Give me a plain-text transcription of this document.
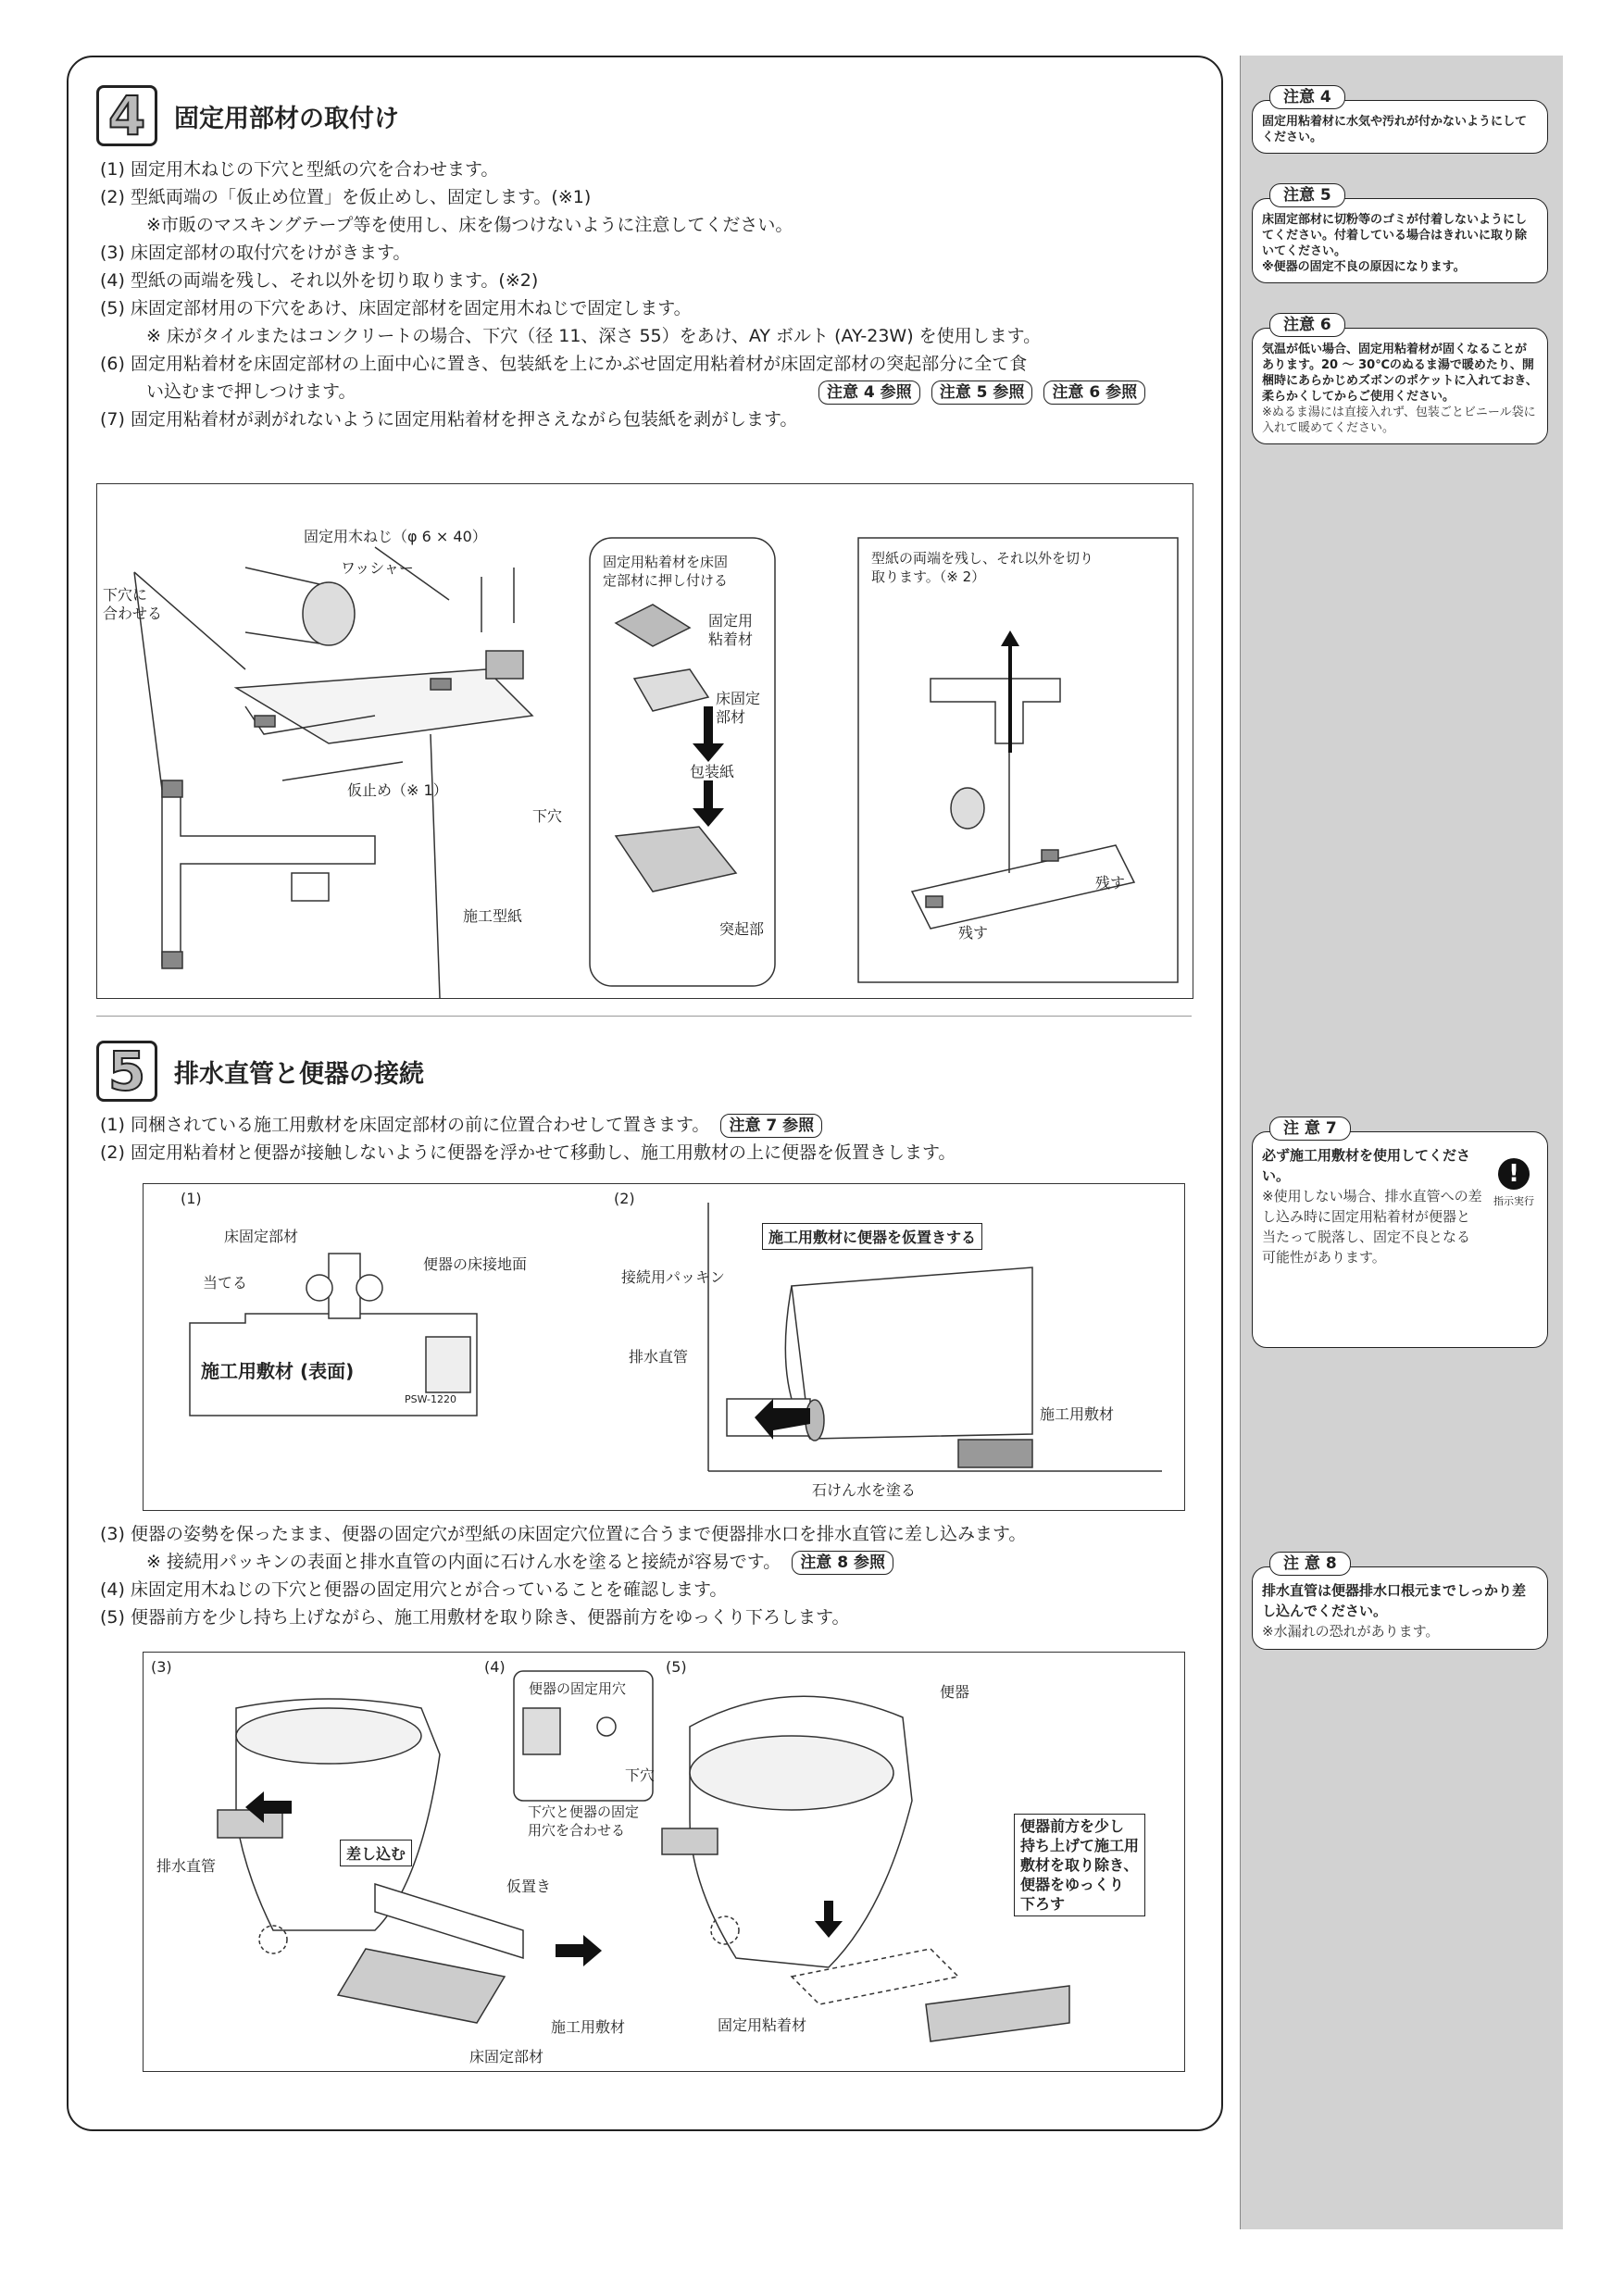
4	固定用部材の取付け
(1) 固定用木ねじの下穴と型紙の穴を合わせます。
(2) 型紙両端の「仮止め位置」を仮止めし、固定します。(※1)
※市販のマスキングテープ等を使用し、床を傷つけないように注意してください。
(3) 床固定部材の取付穴をけがきます。
(4) 型紙の両端を残し、それ以外を切り取ります。(※2)
(5) 床固定部材用の下穴をあけ、床固定部材を固定用木ねじで固定します。
※ 床がタイルまたはコンクリートの場合、下穴（径 11、深さ 55）をあけ、AY ボルト (AY-23W) を使用します。
(6) 固定用粘着材を床固定部材の上面中心に置き、包装紙を上にかぶせ固定用粘着材が床固定部材の突起部分に全て食
い込むまで押しつけます。	注意 4 参照 注意 5 参照 注意 6 参照
(7) 固定用粘着材が剥がれないように固定用粘着材を押さえながら包装紙を剥がします。
固定用木ねじ（φ 6 × 40）
ワッシャー
下穴に
合わせる
仮止め（※ 1）
下穴
施工型紙
固定用粘着材を床固
定部材に押し付ける
固定用
粘着材
床固定
部材
包装紙
突起部
型紙の両端を残し、それ以外を切り
取ります。（※ 2）
残す
残す
5	排水直管と便器の接続
(1) 同梱されている施工用敷材を床固定部材の前に位置合わせして置きます。 注意 7 参照
(2) 固定用粘着材と便器が接触しないように便器を浮かせて移動し、施工用敷材の上に便器を仮置きします。
(1)	(2)
床固定部材
当てる
便器の床接地面
施工用敷材 (表面)
PSW-1220
施工用敷材に便器を仮置きする
接続用パッキン
排水直管
施工用敷材
石けん水を塗る
(3) 便器の姿勢を保ったまま、便器の固定穴が型紙の床固定穴位置に合うまで便器排水口を排水直管に差し込みます。
※ 接続用パッキンの表面と排水直管の内面に石けん水を塗ると接続が容易です。 注意 8 参照
(4) 床固定用木ねじの下穴と便器の固定用穴とが合っていることを確認します。
(5) 便器前方を少し持ち上げながら、施工用敷材を取り除き、便器前方をゆっくり下ろします。
(3)	(4)	(5)
便器の固定用穴
下穴
下穴と便器の固定
用穴を合わせる
排水直管
差し込む
仮置き
施工用敷材
床固定部材
便器
便器前方を少し
持ち上げて施工用
敷材を取り除き、
便器をゆっくり
下ろす
固定用粘着材
注意 4
固定用粘着材に水気や汚れが付かないようにしてください。
注意 5
床固定部材に切粉等のゴミが付着しないようにしてください。付着している場合はきれいに取り除いてください。
※便器の固定不良の原因になります。
注意 6
気温が低い場合、固定用粘着材が固くなることがあります。20 ～ 30℃のぬるま湯で暖めたり、開梱時にあらかじめズボンのポケットに入れておき、柔らかくしてからご使用ください。
※ぬるま湯には直接入れず、包装ごとビニール袋に入れて暖めてください。
注 意 7
必ず施工用敷材を使用してください。
※使用しない場合、排水直管への差し込み時に固定用粘着材が便器と当たって脱落し、固定不良となる可能性があります。
!
指示実行
注 意 8
排水直管は便器排水口根元までしっかり差し込んでください。
※水漏れの恐れがあります。
